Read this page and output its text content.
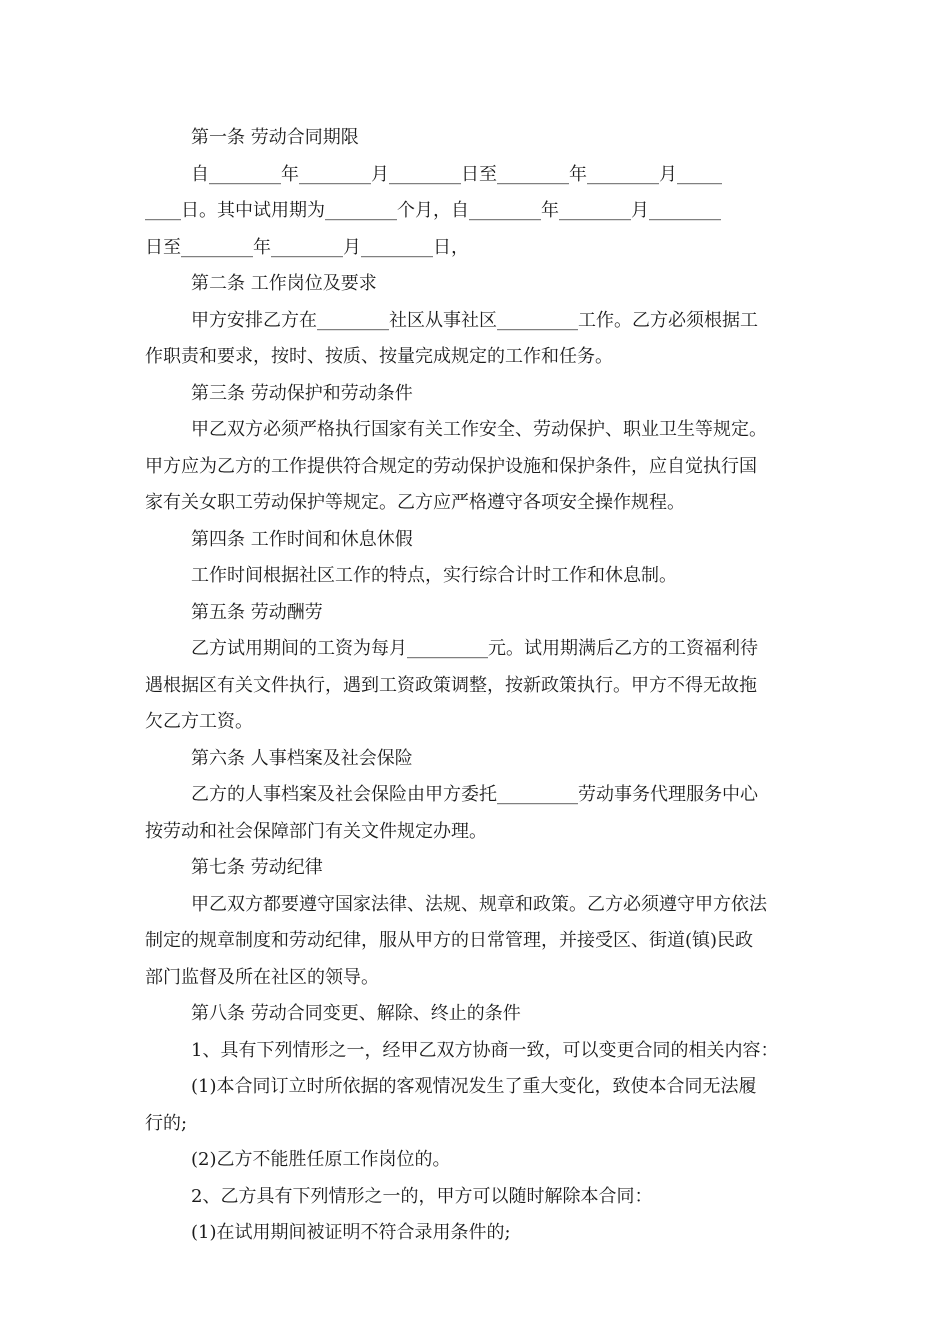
第一条 劳动合同期限
自________年________月________日至________年________月_____
____日。其中试用期为________个月，自________年________月________
日至________年________月________日，
第二条 工作岗位及要求
甲方安排乙方在________社区从事社区_________工作。乙方必须根据工
作职责和要求，按时、按质、按量完成规定的工作和任务。
第三条 劳动保护和劳动条件
甲乙双方必须严格执行国家有关工作安全、劳动保护、职业卫生等规定。
甲方应为乙方的工作提供符合规定的劳动保护设施和保护条件，应自觉执行国
家有关女职工劳动保护等规定。乙方应严格遵守各项安全操作规程。
第四条 工作时间和休息休假
工作时间根据社区工作的特点，实行综合计时工作和休息制。
第五条 劳动酬劳
乙方试用期间的工资为每月_________元。试用期满后乙方的工资福利待
遇根据区有关文件执行，遇到工资政策调整，按新政策执行。甲方不得无故拖
欠乙方工资。
第六条 人事档案及社会保险
乙方的人事档案及社会保险由甲方委托_________劳动事务代理服务中心
按劳动和社会保障部门有关文件规定办理。
第七条 劳动纪律
甲乙双方都要遵守国家法律、法规、规章和政策。乙方必须遵守甲方依法
制定的规章制度和劳动纪律，服从甲方的日常管理，并接受区、街道(镇)民政
部门监督及所在社区的领导。
第八条 劳动合同变更、解除、终止的条件
1、具有下列情形之一，经甲乙双方协商一致，可以变更合同的相关内容：
(1)本合同订立时所依据的客观情况发生了重大变化，致使本合同无法履
行的;
(2)乙方不能胜任原工作岗位的。
2、乙方具有下列情形之一的，甲方可以随时解除本合同：
(1)在试用期间被证明不符合录用条件的;
